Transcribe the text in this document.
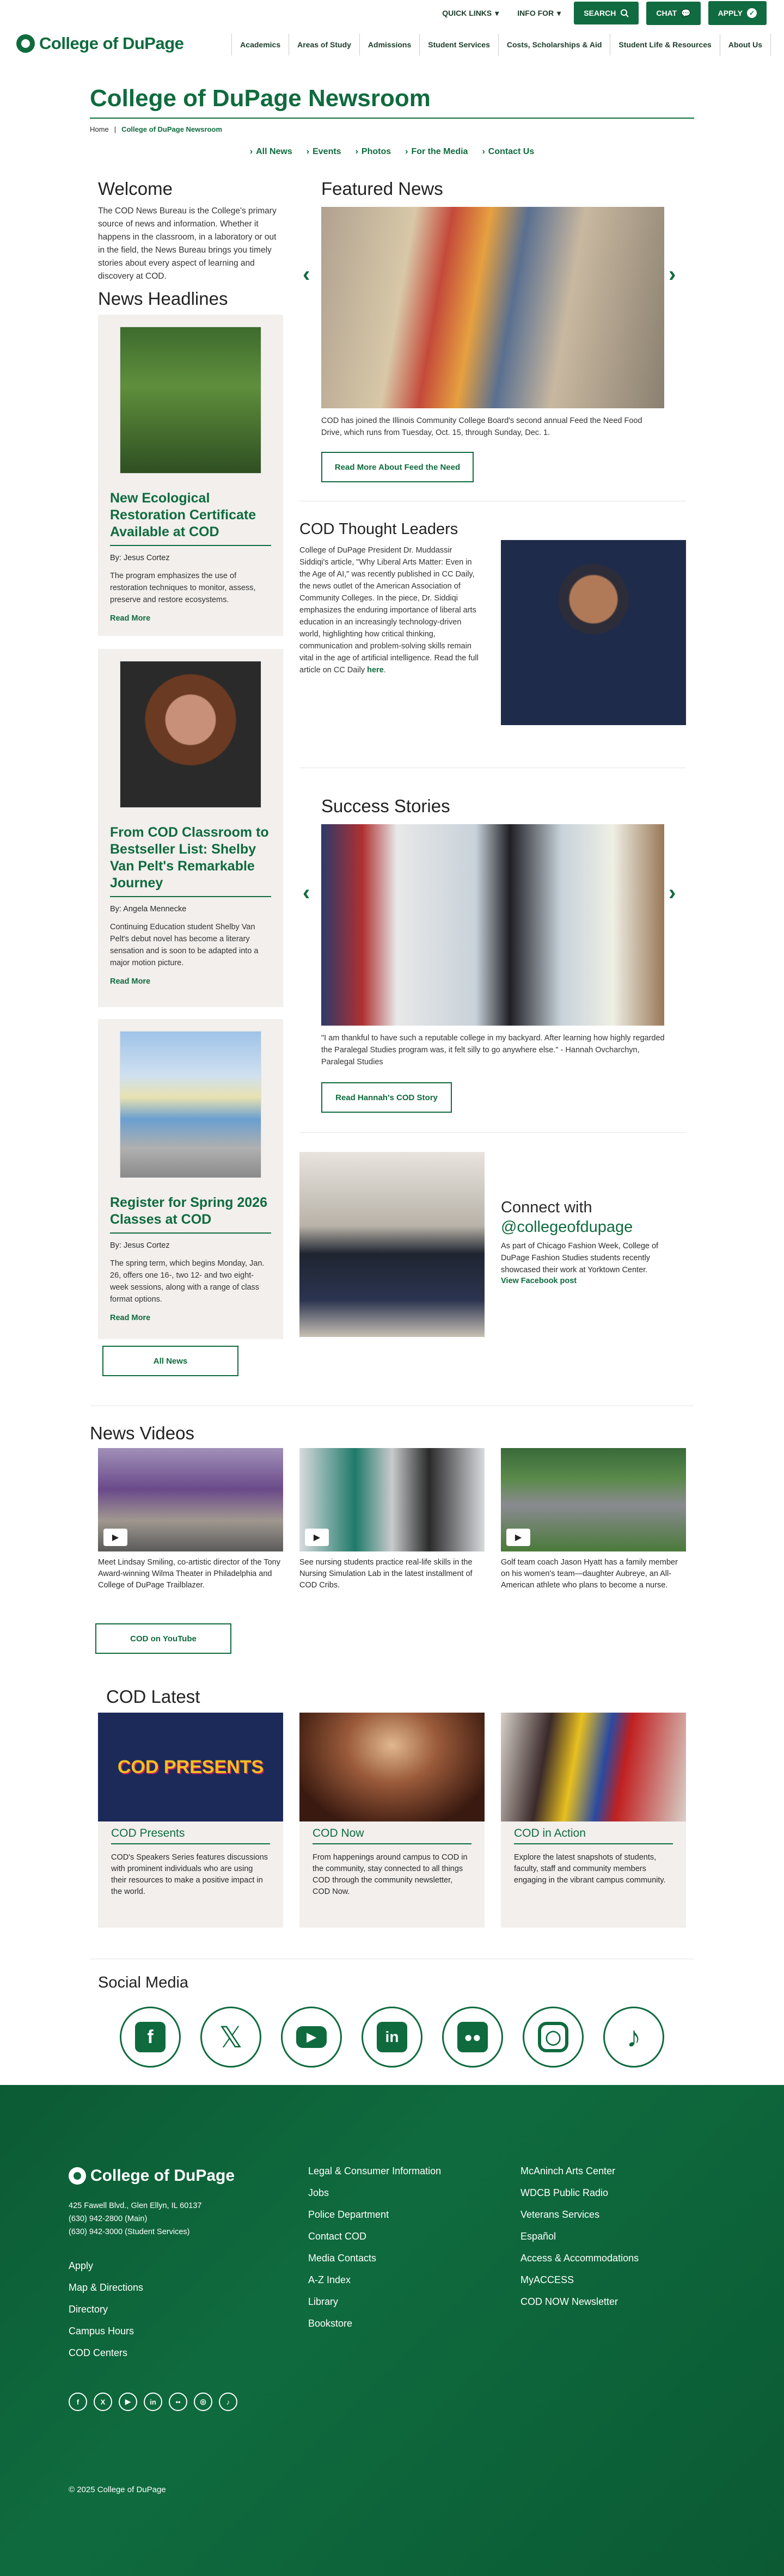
QUICK LINKS ▾ INFO FOR ▾	SEARCH	CHAT 💬	APPLY ✓
College of DuPage	Academics	Areas of Study	Admissions	Student Services	Costs, Scholarships & Aid	Student Life & Resources	About Us
College of DuPage Newsroom
Home | College of DuPage Newsroom
› All News	› Events	› Photos	› For the Media	› Contact Us
Welcome

The COD News Bureau is the College's primary source of news and information. Whether it happens in the classroom, in a laboratory or out in the field, the News Bureau brings you timely stories about every aspect of learning and discovery at COD.

News Headlines
New Ecological Restoration Certificate Available at COD
By: Jesus Cortez
The program emphasizes the use of restoration techniques to monitor, assess, preserve and restore ecosystems.
Read More
From COD Classroom to Bestseller List: Shelby Van Pelt's Remarkable Journey
By: Angela Mennecke
Continuing Education student Shelby Van Pelt's debut novel has become a literary sensation and is soon to be adapted into a major motion picture.
Read More
Register for Spring 2026 Classes at COD
By: Jesus Cortez
The spring term, which begins Monday, Jan. 26, offers one 16-, two 12- and two eight-week sessions, along with a range of class format options.
Read More
All News
Featured News
‹	›

COD has joined the Illinois Community College Board's second annual Feed the Need Food Drive, which runs from Tuesday, Oct. 15, through Sunday, Dec. 1.

Read More About Feed the Need
COD Thought Leaders

College of DuPage President Dr. Muddassir Siddiqi's article, "Why Liberal Arts Matter: Even in the Age of AI," was recently published in CC Daily, the news outlet of the American Association of Community Colleges. In the piece, Dr. Siddiqi emphasizes the enduring importance of liberal arts education in an increasingly technology-driven world, highlighting how critical thinking, communication and problem-solving skills remain vital in the age of artificial intelligence. Read the full article on CC Daily here.

Success Stories
‹	›

"I am thankful to have such a reputable college in my backyard. After learning how highly regarded the Paralegal Studies program was, it felt silly to go anywhere else." - Hannah Ovcharchyn, Paralegal Studies

Read Hannah's COD Story
Connect with
@collegeofdupage

As part of Chicago Fashion Week, College of DuPage Fashion Studies students recently showcased their work at Yorktown Center.

View Facebook post
News Videos
▶

Meet Lindsay Smiling, co-artistic director of the Tony Award-winning Wilma Theater in Philadelphia and College of DuPage Trailblazer.

▶

See nursing students practice real-life skills in the Nursing Simulation Lab in the latest installment of COD Cribs.

▶

Golf team coach Jason Hyatt has a family member on his women's team—daughter Aubreye, an All-American athlete who plans to become a nurse.

COD on YouTube
COD Latest
COD PRESENTS
COD Presents

COD's Speakers Series features discussions with prominent individuals who are using their resources to make a positive impact in the world.

COD Now

From happenings around campus to COD in the community, stay connected to all things COD through the community newsletter, COD Now.

COD in Action

Explore the latest snapshots of students, faculty, staff and community members engaging in the vibrant campus community.

Social Media
f	𝕏	▶	in	●●	◯ ♪
College of DuPage
425 Fawell Blvd., Glen Ellyn, IL 60137
(630) 942-2800 (Main)
(630) 942-3000 (Student Services)
Apply
Map & Directions
Directory
Campus Hours
COD Centers
Legal & Consumer Information
Jobs
Police Department
Contact COD
Media Contacts
A-Z Index
Library
Bookstore
McAninch Arts Center
WDCB Public Radio
Veterans Services
Español
Access & Accommodations
MyACCESS
COD NOW Newsletter
f	X	▶	in	••	◎	♪
© 2025 College of DuPage
